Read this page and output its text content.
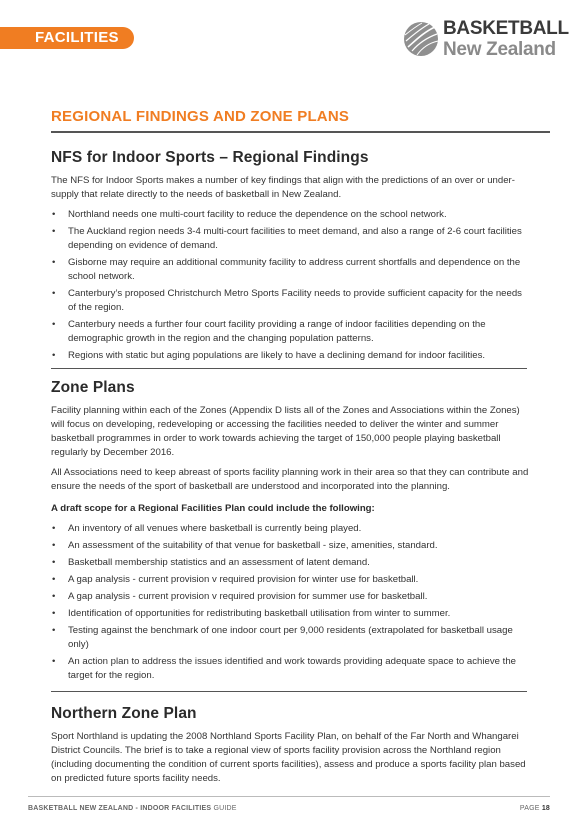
FACILITIES	BASKETBALL
New Zealand
REGIONAL FINDINGS AND ZONE PLANS
NFS for Indoor Sports – Regional Findings

The NFS for Indoor Sports makes a number of key findings that align with the predictions of an over or under-supply that relate directly to the needs of basketball in New Zealand.

• Northland needs one multi-court facility to reduce the dependence on the school network.
• The Auckland region needs 3-4 multi-court facilities to meet demand, and also a range of 2-6 court facilities depending on evidence of demand.
• Gisborne may require an additional community facility to address current shortfalls and dependence on the school network.
• Canterbury’s proposed Christchurch Metro Sports Facility needs to provide sufficient capacity for the needs of the region.
• Canterbury needs a further four court facility providing a range of indoor facilities depending on the demographic growth in the region and the changing population patterns.
• Regions with static but aging populations are likely to have a declining demand for indoor facilities.
Zone Plans

Facility planning within each of the Zones (Appendix D lists all of the Zones and Associations within the Zones) will focus on developing, redeveloping or accessing the facilities needed to deliver the winter and summer basketball programmes in order to work towards achieving the target of 150,000 people playing basketball regularly by December 2016.

All Associations need to keep abreast of sports facility planning work in their area so that they can contribute and ensure the needs of the sport of basketball are understood and incorporated into the planning.

A draft scope for a Regional Facilities Plan could include the following:

• An inventory of all venues where basketball is currently being played.
• An assessment of the suitability of that venue for basketball - size, amenities, standard.
• Basketball membership statistics and an assessment of latent demand.
• A gap analysis - current provision v required provision for winter use for basketball.
• A gap analysis - current provision v required provision for summer use for basketball.
• Identification of opportunities for redistributing basketball utilisation from winter to summer.
• Testing against the benchmark of one indoor court per 9,000 residents (extrapolated for basketball usage only)
• An action plan to address the issues identified and work towards providing adequate space to achieve the target for the region.
Northern Zone Plan

Sport Northland is updating the 2008 Northland Sports Facility Plan, on behalf of the Far North and Whangarei District Councils. The brief is to take a regional view of sports facility provision across the Northland region (including documenting the condition of current sports facilities), assess and produce a sports facility plan based on predicted future sports facility needs.

BASKETBALL NEW ZEALAND - INDOOR FACILITIES GUIDE	PAGE 18
